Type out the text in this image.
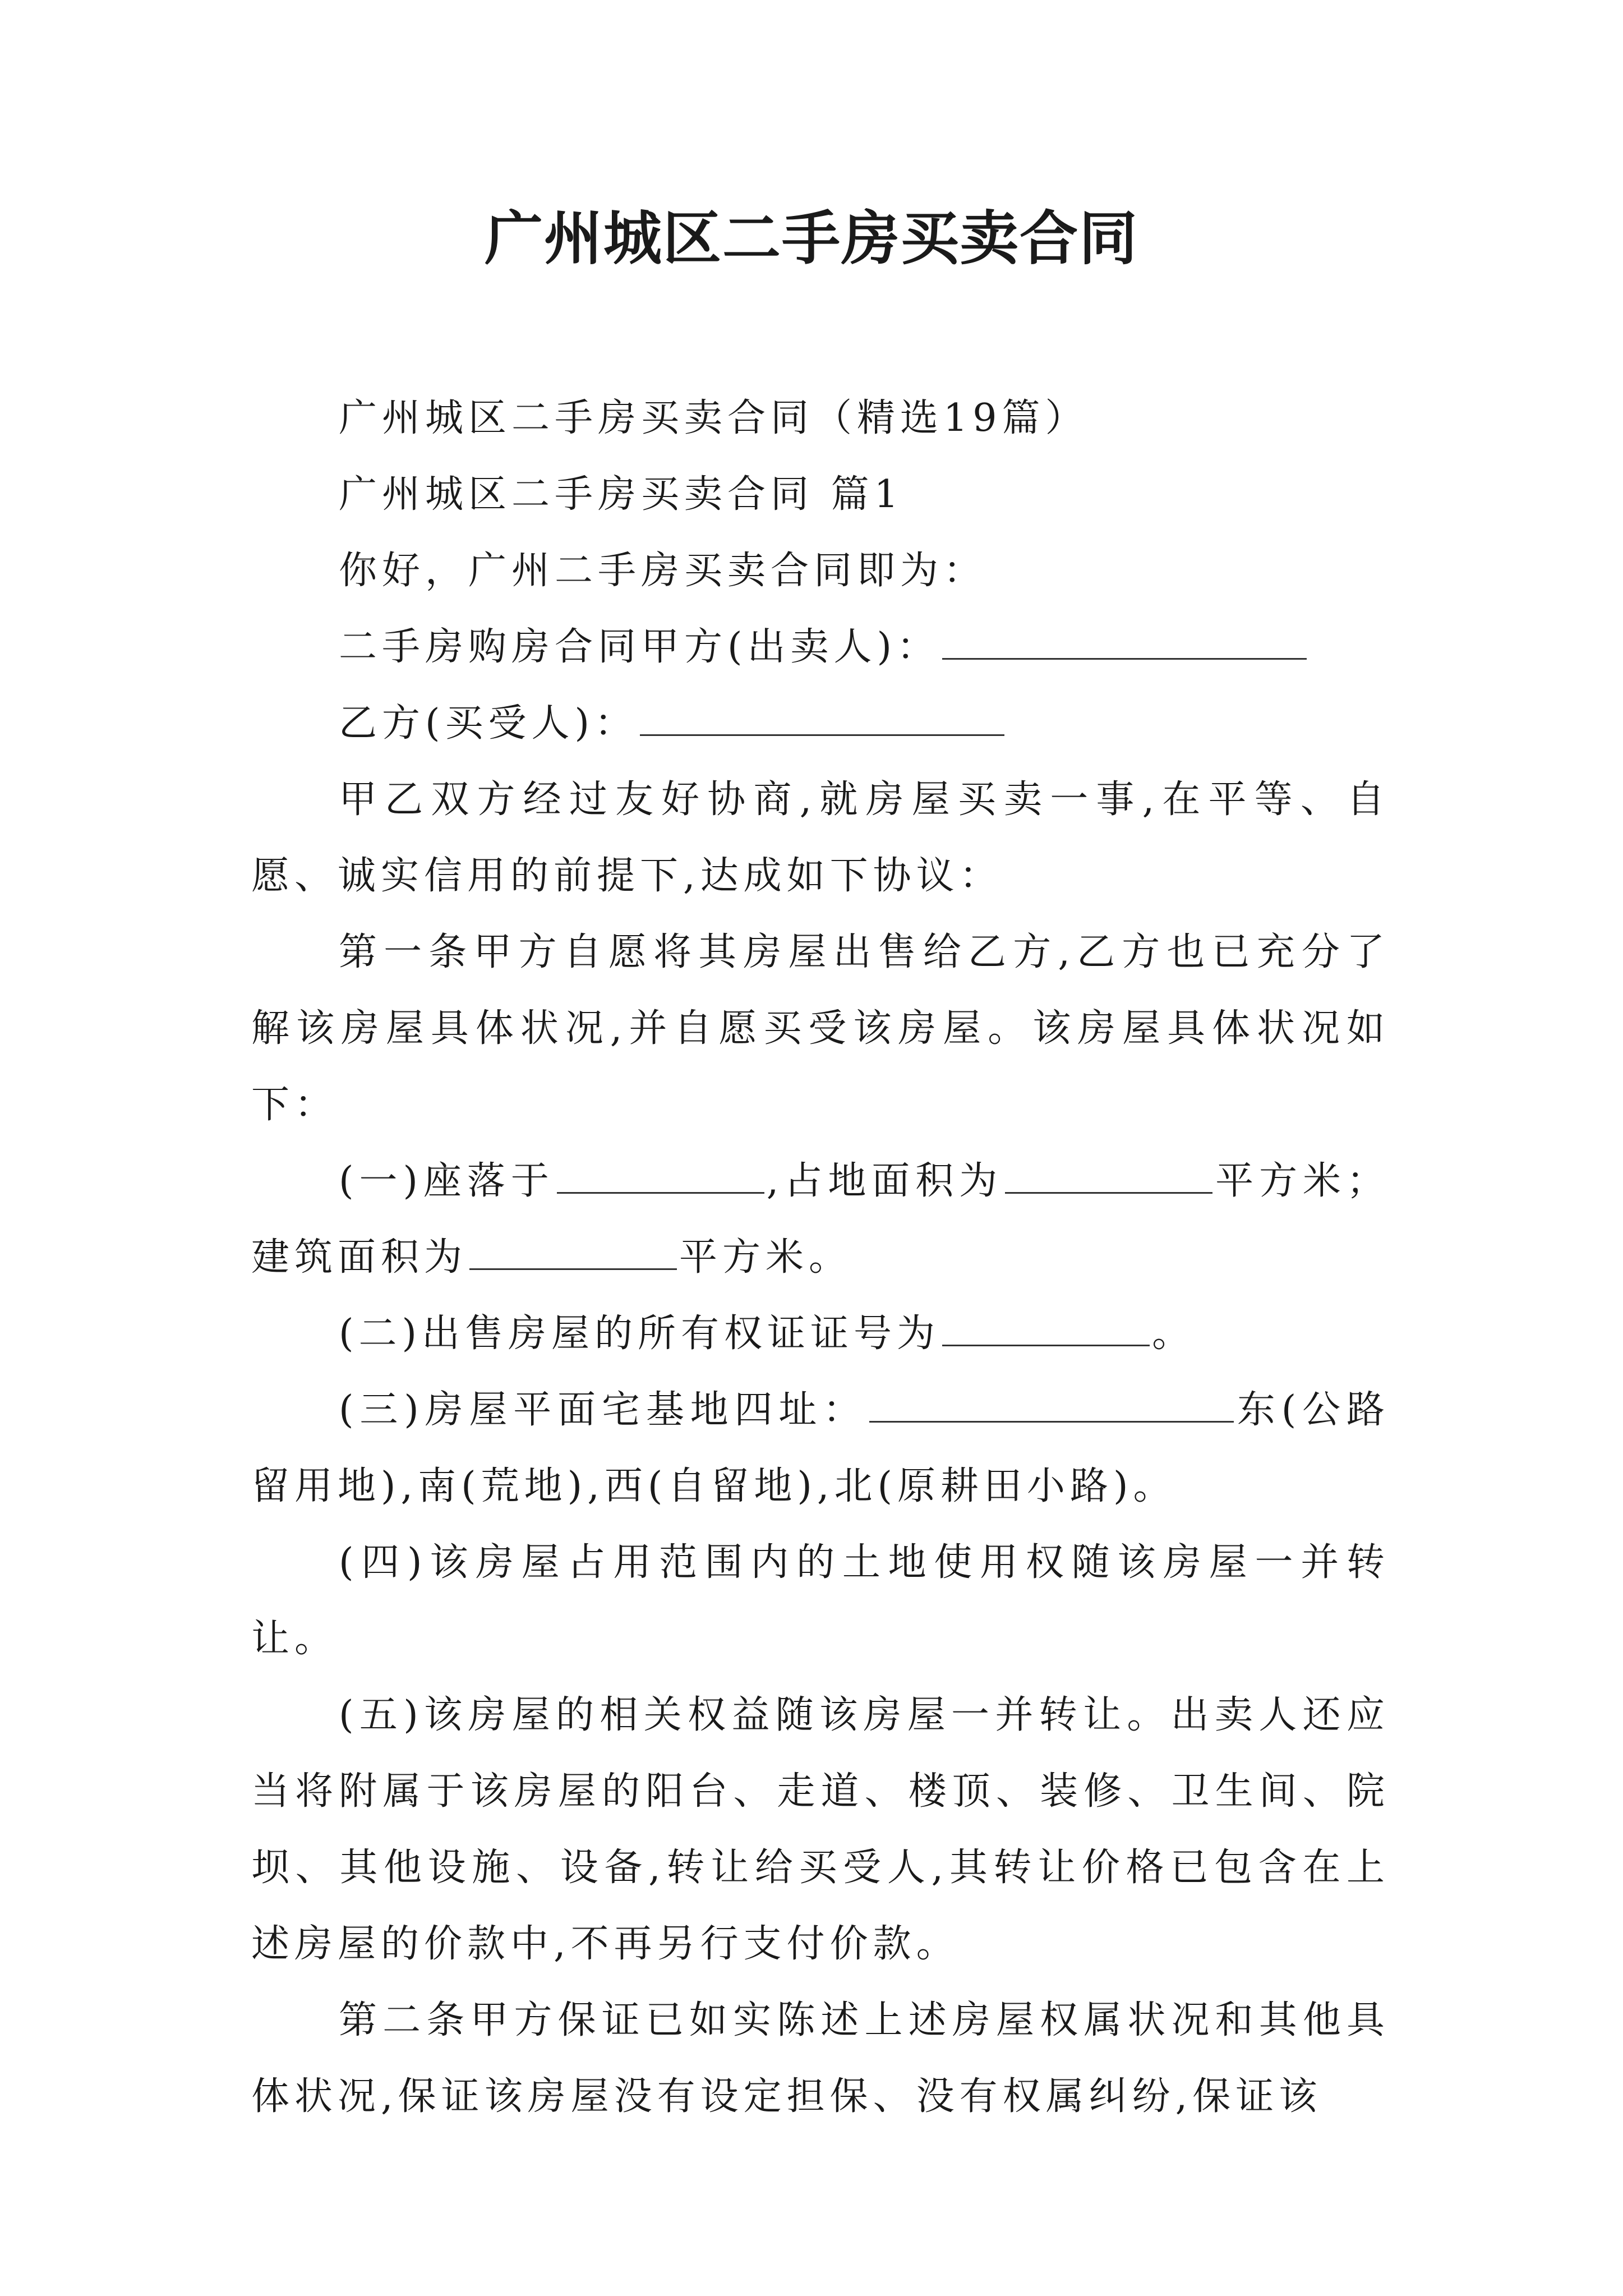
广州城区二手房买卖合同

广州城区二手房买卖合同（精选19篇）

广州城区二手房买卖合同 篇1

你好，广州二手房买卖合同即为：

二手房购房合同甲方(出卖人)：

乙方(买受人)：

甲乙双方经过友好协商,就房屋买卖一事,在平等、自愿、诚实信用的前提下,达成如下协议：

第一条甲方自愿将其房屋出售给乙方,乙方也已充分了解该房屋具体状况,并自愿买受该房屋。该房屋具体状况如下：

(一)座落于	,占地面积为	平方米；建筑面积为	平方米。

(二)出售房屋的所有权证证号为	。

(三)房屋平面宅基地四址：	东(公路留用地),南(荒地),西(自留地),北(原耕田小路)。

(四)该房屋占用范围内的土地使用权随该房屋一并转让。

(五)该房屋的相关权益随该房屋一并转让。出卖人还应当将附属于该房屋的阳台、走道、楼顶、装修、卫生间、院坝、其他设施、设备,转让给买受人,其转让价格已包含在上述房屋的价款中,不再另行支付价款。

第二条甲方保证已如实陈述上述房屋权属状况和其他具体状况,保证该房屋没有设定担保、没有权属纠纷,保证该
